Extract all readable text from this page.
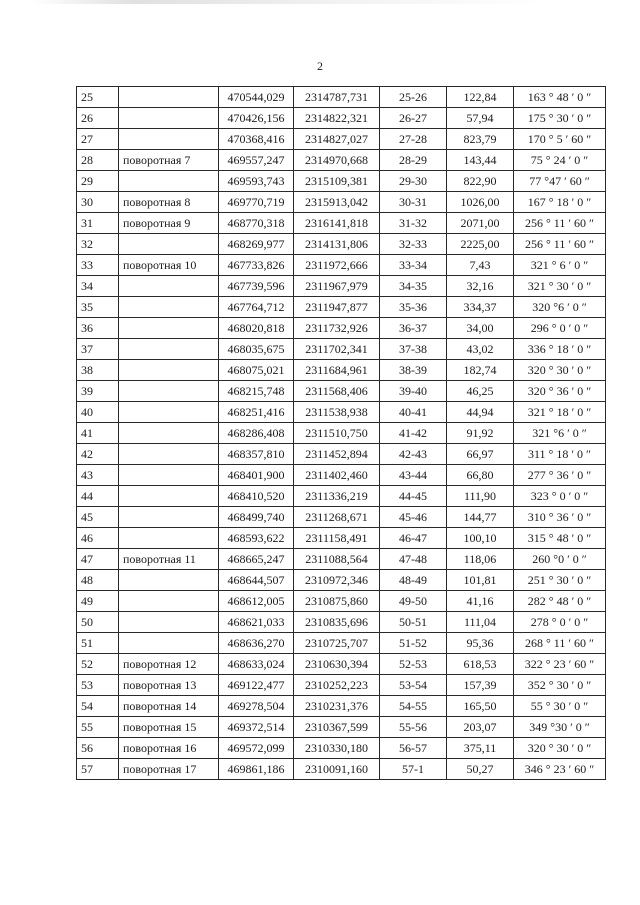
2
25		470544,029	2314787,731	25-26	122,84	163 ° 48 ′ 0 ″
26		470426,156	2314822,321	26-27	57,94	175 ° 30 ′ 0 ″
27		470368,416	2314827,027	27-28	823,79	170 ° 5 ′ 60 ″
28	поворотная 7	469557,247	2314970,668	28-29	143,44	75 ° 24 ′ 0 ″
29		469593,743	2315109,381	29-30	822,90	77 °47 ′ 60 ″
30	поворотная 8	469770,719	2315913,042	30-31	1026,00	167 ° 18 ′ 0 ″
31	поворотная 9	468770,318	2316141,818	31-32	2071,00	256 ° 11 ′ 60 ″
32		468269,977	2314131,806	32-33	2225,00	256 ° 11 ′ 60 ″
33	поворотная 10	467733,826	2311972,666	33-34	7,43	321 ° 6 ′ 0 ″
34		467739,596	2311967,979	34-35	32,16	321 ° 30 ′ 0 ″
35		467764,712	2311947,877	35-36	334,37	320 °6 ′ 0 ″
36		468020,818	2311732,926	36-37	34,00	296 ° 0 ′ 0 ″
37		468035,675	2311702,341	37-38	43,02	336 ° 18 ′ 0 ″
38		468075,021	2311684,961	38-39	182,74	320 ° 30 ′ 0 ″
39		468215,748	2311568,406	39-40	46,25	320 ° 36 ′ 0 ″
40		468251,416	2311538,938	40-41	44,94	321 ° 18 ′ 0 ″
41		468286,408	2311510,750	41-42	91,92	321 °6 ′ 0 ″
42		468357,810	2311452,894	42-43	66,97	311 ° 18 ′ 0 ″
43		468401,900	2311402,460	43-44	66,80	277 ° 36 ′ 0 ″
44		468410,520	2311336,219	44-45	111,90	323 ° 0 ′ 0 ″
45		468499,740	2311268,671	45-46	144,77	310 ° 36 ′ 0 ″
46		468593,622	2311158,491	46-47	100,10	315 ° 48 ′ 0 ″
47	поворотная 11	468665,247	2311088,564	47-48	118,06	260 °0 ′ 0 ″
48		468644,507	2310972,346	48-49	101,81	251 ° 30 ′ 0 ″
49		468612,005	2310875,860	49-50	41,16	282 ° 48 ′ 0 ″
50		468621,033	2310835,696	50-51	111,04	278 ° 0 ′ 0 ″
51		468636,270	2310725,707	51-52	95,36	268 ° 11 ′ 60 ″
52	поворотная 12	468633,024	2310630,394	52-53	618,53	322 ° 23 ′ 60 ″
53	поворотная 13	469122,477	2310252,223	53-54	157,39	352 ° 30 ′ 0 ″
54	поворотная 14	469278,504	2310231,376	54-55	165,50	55 ° 30 ′ 0 ″
55	поворотная 15	469372,514	2310367,599	55-56	203,07	349 °30 ′ 0 ″
56	поворотная 16	469572,099	2310330,180	56-57	375,11	320 ° 30 ′ 0 ″
57	поворотная 17	469861,186	2310091,160	57-1	50,27	346 ° 23 ′ 60 ″
